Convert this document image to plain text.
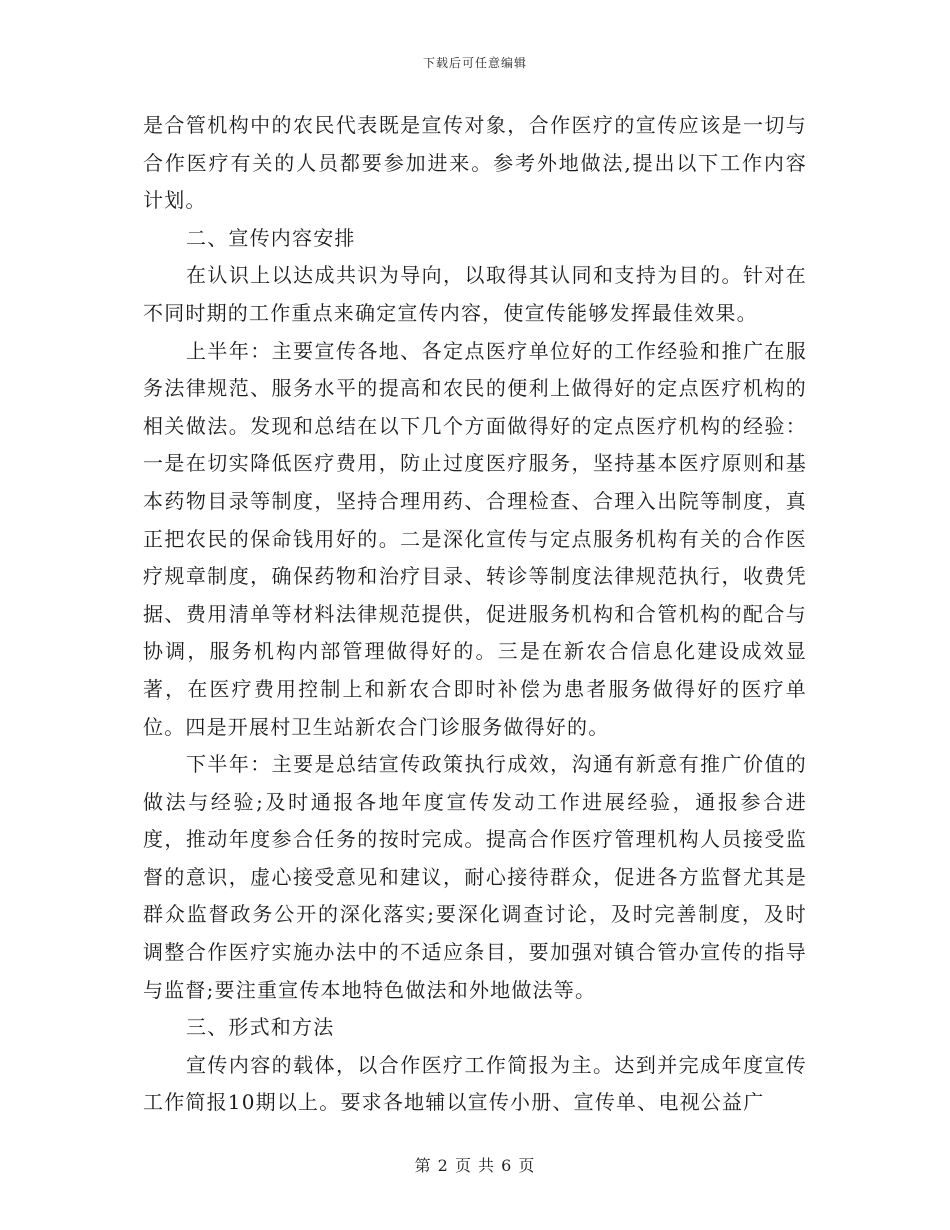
下载后可任意编辑

是合管机构中的农民代表既是宣传对象，合作医疗的宣传应该是一切与合作医疗有关的人员都要参加进来。参考外地做法,提出以下工作内容计划。

二、宣传内容安排

在认识上以达成共识为导向，以取得其认同和支持为目的。针对在不同时期的工作重点来确定宣传内容，使宣传能够发挥最佳效果。

上半年：主要宣传各地、各定点医疗单位好的工作经验和推广在服务法律规范、服务水平的提高和农民的便利上做得好的定点医疗机构的相关做法。发现和总结在以下几个方面做得好的定点医疗机构的经验：一是在切实降低医疗费用，防止过度医疗服务，坚持基本医疗原则和基本药物目录等制度，坚持合理用药、合理检查、合理入出院等制度，真正把农民的保命钱用好的。二是深化宣传与定点服务机构有关的合作医疗规章制度，确保药物和治疗目录、转诊等制度法律规范执行，收费凭据、费用清单等材料法律规范提供，促进服务机构和合管机构的配合与协调，服务机构内部管理做得好的。三是在新农合信息化建设成效显著，在医疗费用控制上和新农合即时补偿为患者服务做得好的医疗单位。四是开展村卫生站新农合门诊服务做得好的。

下半年：主要是总结宣传政策执行成效，沟通有新意有推广价值的做法与经验;及时通报各地年度宣传发动工作进展经验，通报参合进度，推动年度参合任务的按时完成。提高合作医疗管理机构人员接受监督的意识，虚心接受意见和建议，耐心接待群众，促进各方监督尤其是群众监督政务公开的深化落实;要深化调查讨论，及时完善制度，及时调整合作医疗实施办法中的不适应条目，要加强对镇合管办宣传的指导与监督;要注重宣传本地特色做法和外地做法等。

三、形式和方法

宣传内容的载体，以合作医疗工作简报为主。达到并完成年度宣传工作简报10期以上。要求各地辅以宣传小册、宣传单、电视公益广

第 2 页 共 6 页
